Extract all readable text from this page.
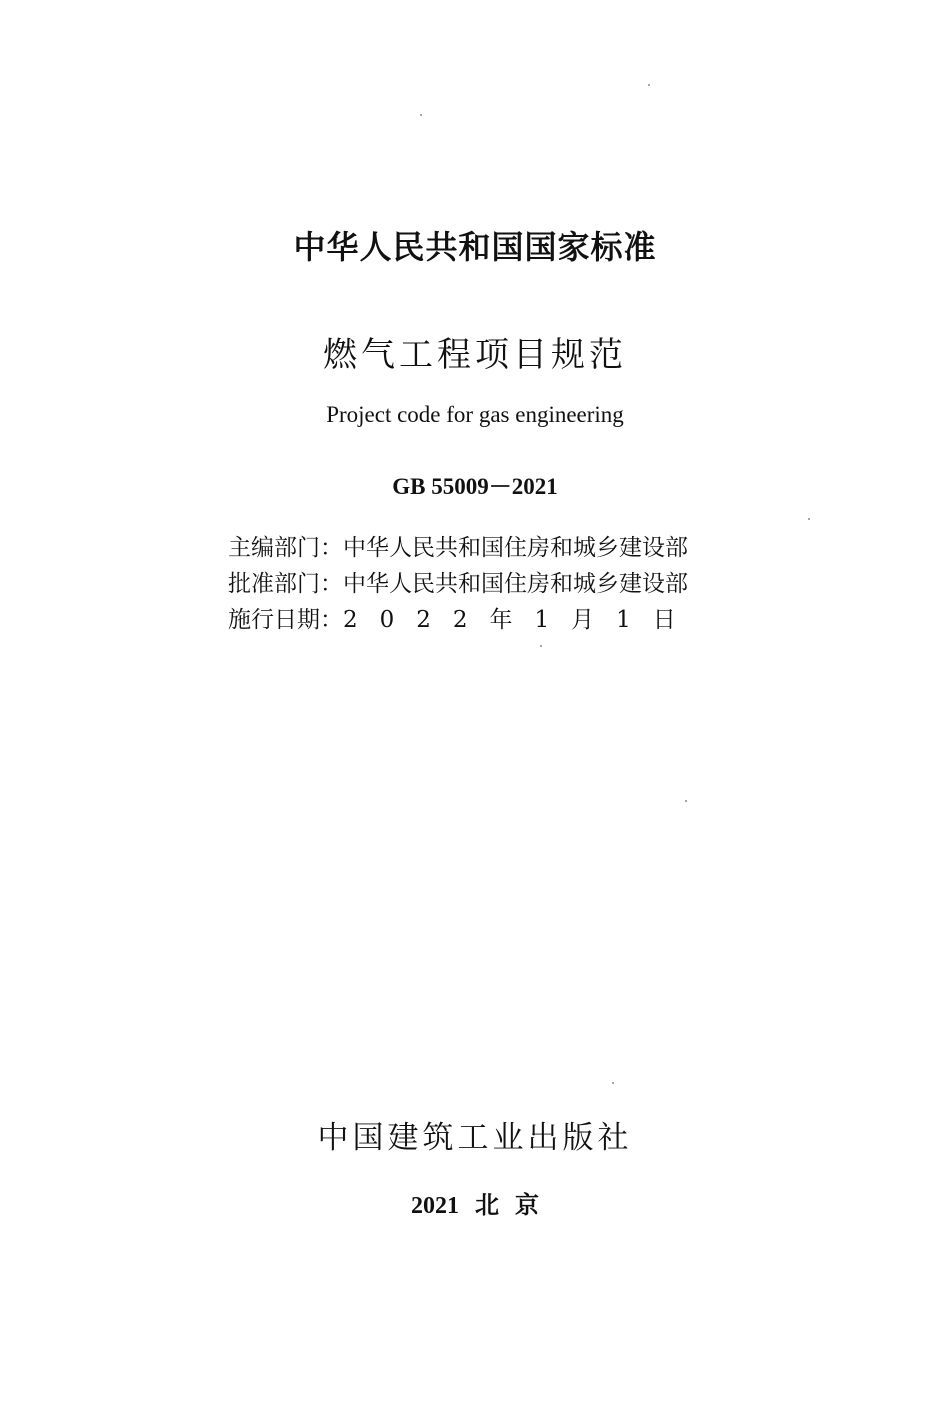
中华人民共和国国家标准
燃气工程项目规范
Project code for gas engineering
GB 55009－2021
主编部门：中华人民共和国住房和城乡建设部
批准部门：中华人民共和国住房和城乡建设部
施行日期：2022年1月1日
中国建筑工业出版社
2021 北 京
